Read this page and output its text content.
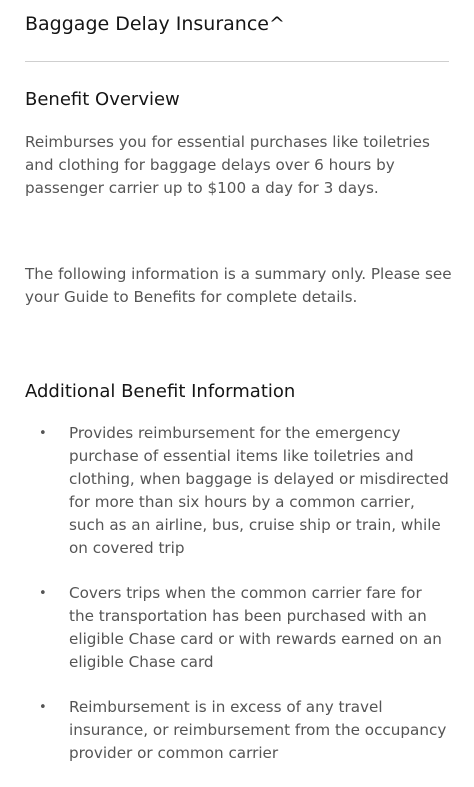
Baggage Delay Insurance^
Benefit Overview
Reimburses you for essential purchases like toiletries and clothing for baggage delays over 6 hours by passenger carrier up to $100 a day for 3 days.
The following information is a summary only. Please see your Guide to Benefits for complete details.
Additional Benefit Information
• Provides reimbursement for the emergency purchase of essential items like toiletries and clothing, when baggage is delayed or misdirected for more than six hours by a common carrier, such as an airline, bus, cruise ship or train, while on covered trip
• Covers trips when the common carrier fare for the transportation has been purchased with an eligible Chase card or with rewards earned on an eligible Chase card
• Reimbursement is in excess of any travel insurance, or reimbursement from the occupancy provider or common carrier
